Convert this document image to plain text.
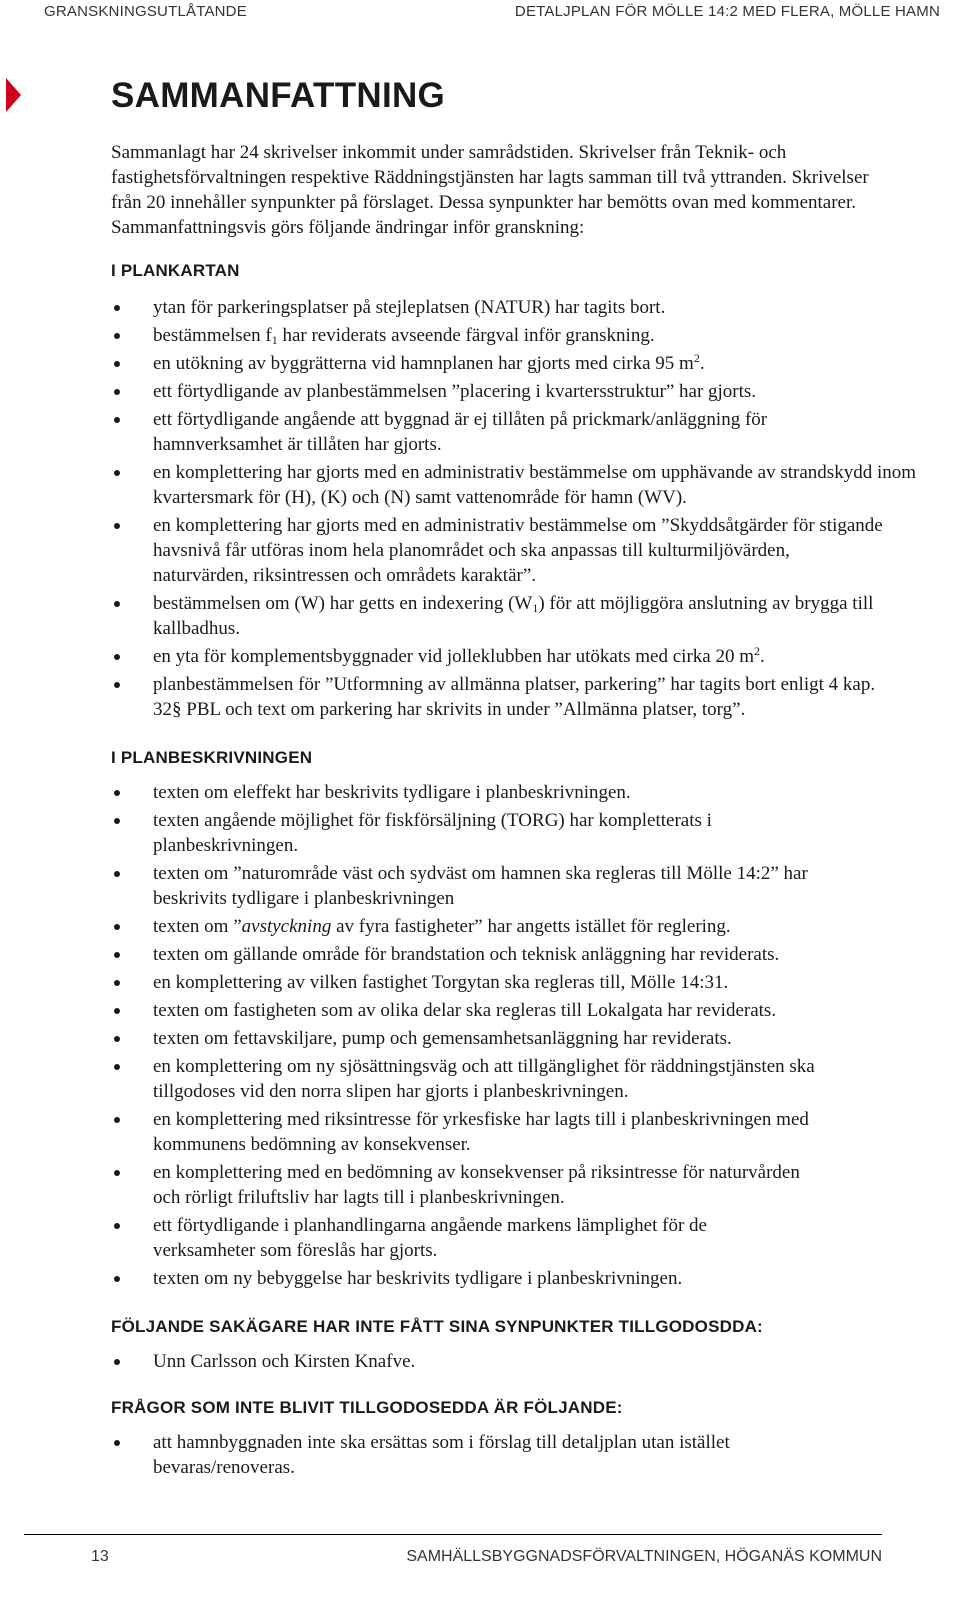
GRANSKNINGSUTLÅTANDE	DETALJPLAN FÖR MÖLLE 14:2 MED FLERA, MÖLLE HAMN
SAMMANFATTNING

Sammanlagt har 24 skrivelser inkommit under samrådstiden. Skrivelser från Teknik- och fastighetsförvaltningen respektive Räddningstjänsten har lagts samman till två yttranden. Skrivelser från 20 innehåller synpunkter på förslaget. Dessa synpunkter har bemötts ovan med kommentarer. Sammanfattningsvis görs följande ändringar inför granskning:

I PLANKARTAN
ytan för parkeringsplatser på stejleplatsen (NATUR) har tagits bort.
bestämmelsen $f_1$ har reviderats avseende färgval inför granskning.
en utökning av byggrätterna vid hamnplanen har gjorts med cirka 95 $m^2$.
ett förtydligande av planbestämmelsen ”placering i kvartersstruktur” har gjorts.
ett förtydligande angående att byggnad är ej tillåten på prickmark/anläggning för hamnverksamhet är tillåten har gjorts.
en komplettering har gjorts med en administrativ bestämmelse om upphävande av strandskydd inom kvartersmark för (H), (K) och (N) samt vattenområde för hamn (WV).
en komplettering har gjorts med en administrativ bestämmelse om ”Skyddsåtgärder för stigande havsnivå får utföras inom hela planområdet och ska anpassas till kulturmiljövärden, naturvärden, riksintressen och områdets karaktär”.
bestämmelsen om (W) har getts en indexering $(W_1)$ för att möjliggöra anslutning av brygga till kallbadhus.
en yta för komplementsbyggnader vid jolleklubben har utökats med cirka 20 $m^2$.
planbestämmelsen för ”Utformning av allmänna platser, parkering” har tagits bort enligt 4 kap. 32§ PBL och text om parkering har skrivits in under ”Allmänna platser, torg”.
I PLANBESKRIVNINGEN
texten om eleffekt har beskrivits tydligare i planbeskrivningen.
texten angående möjlighet för fiskförsäljning (TORG) har kompletterats i planbeskrivningen.
texten om ”naturområde väst och sydväst om hamnen ska regleras till Mölle 14:2” har beskrivits tydligare i planbeskrivningen
texten om ”avstyckning av fyra fastigheter” har angetts istället för reglering.
texten om gällande område för brandstation och teknisk anläggning har reviderats.
en komplettering av vilken fastighet Torgytan ska regleras till, Mölle 14:31.
texten om fastigheten som av olika delar ska regleras till Lokalgata har reviderats.
texten om fettavskiljare, pump och gemensamhetsanläggning har reviderats.
en komplettering om ny sjösättningsväg och att tillgänglighet för räddningstjänsten ska tillgodoses vid den norra slipen har gjorts i planbeskrivningen.
en komplettering med riksintresse för yrkesfiske har lagts till i planbeskrivningen med kommunens bedömning av konsekvenser.
en komplettering med en bedömning av konsekvenser på riksintresse för naturvården och rörligt friluftsliv har lagts till i planbeskrivningen.
ett förtydligande i planhandlingarna angående markens lämplighet för de verksamheter som föreslås har gjorts.
texten om ny bebyggelse har beskrivits tydligare i planbeskrivningen.
FÖLJANDE SAKÄGARE HAR INTE FÅTT SINA SYNPUNKTER TILLGODOSDDA:
Unn Carlsson och Kirsten Knafve.
FRÅGOR SOM INTE BLIVIT TILLGODOSEDDA ÄR FÖLJANDE:
att hamnbyggnaden inte ska ersättas som i förslag till detaljplan utan istället bevaras/renoveras.
13	SAMHÄLLSBYGGNADSFÖRVALTNINGEN, HÖGANÄS KOMMUN
